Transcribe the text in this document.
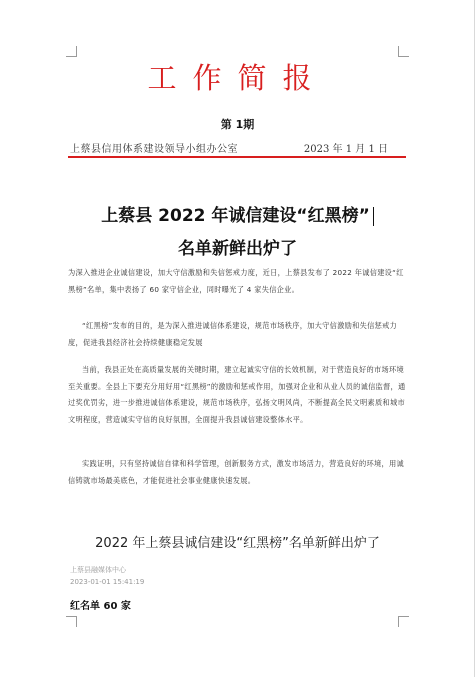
工作简报
第 1期
上蔡县信用体系建设领导小组办公室	2023 年 1 月 1 日
上蔡县 2022 年诚信建设“红黑榜”
名单新鲜出炉了

为深入推进企业诚信建设，加大守信激励和失信惩戒力度，近日，上蔡县发布了 2022 年诚信建设“红黑榜”名单，集中表扬了 60 家守信企业，同时曝光了 4 家失信企业。

“红黑榜”发布的目的，是为深入推进诚信体系建设，规范市场秩序，加大守信激励和失信惩戒力度，促进我县经济社会持续健康稳定发展

当前，我县正处在高质量发展的关键时期，建立起诚实守信的长效机制，对于营造良好的市场环境至关重要。全县上下要充分用好用“红黑榜”的激励和惩戒作用，加强对企业和从业人员的诚信监督，通过奖优罚劣，进一步推进诚信体系建设，规范市场秩序，弘扬文明风尚，不断提高全民文明素质和城市文明程度，营造诚实守信的良好氛围，全面提升我县诚信建设整体水平。

实践证明，只有坚持诚信自律和科学管理，创新服务方式，激发市场活力，营造良好的环境，用诚信铸就市场最美底色，才能促进社会事业健康快速发展。

2022 年上蔡县诚信建设“红黑榜”名单新鲜出炉了
上蔡县融媒体中心
2023-01-01 15:41:19
红名单 60 家
